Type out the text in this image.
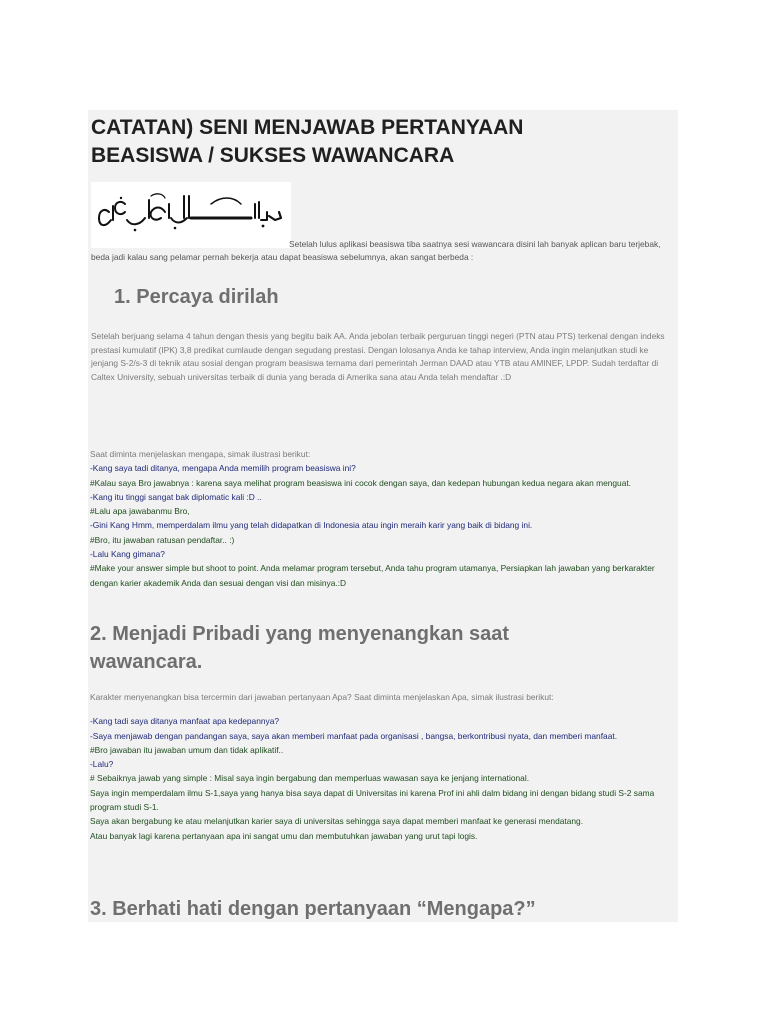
CATATAN) SENI MENJAWAB PERTANYAAN
BEASISWA / SUKSES WAWANCARA

Setelah lulus aplikasi beasiswa tiba saatnya sesi wawancara disini lah banyak aplican baru terjebak, beda jadi kalau sang pelamar pernah bekerja atau dapat beasiswa sebelumnya, akan sangat berbeda :

1. Percaya dirilah

Setelah berjuang selama 4 tahun dengan thesis yang begitu baik AA. Anda jebolan terbaik perguruan tinggi negeri (PTN atau PTS) terkenal dengan indeks prestasi kumulatif (IPK) 3,8 predikat cumlaude dengan segudang prestasi. Dengan lolosanya Anda ke tahap interview, Anda ingin melanjutkan studi ke jenjang S-2/s-3 di teknik atau sosial dengan program beasiswa ternama dari pemerintah Jerman DAAD atau YTB atau AMINEF, LPDP. Sudah terdaftar di Caltex University, sebuah universitas terbaik di dunia yang berada di Amerika sana atau Anda telah mendaftar .:D

Saat diminta menjelaskan mengapa, simak ilustrasi berikut:
-Kang saya tadi ditanya, mengapa Anda memilih program beasiswa ini?
#Kalau saya Bro jawabnya : karena saya melihat program beasiswa ini cocok dengan saya, dan kedepan hubungan kedua negara akan menguat.
-Kang itu tinggi sangat bak diplomatic kali :D ..
#Lalu apa jawabanmu Bro,
-Gini Kang Hmm, memperdalam ilmu yang telah didapatkan di Indonesia atau ingin meraih karir yang baik di bidang ini.
#Bro, itu jawaban ratusan pendaftar.. :)
-Lalu Kang gimana?
#Make your answer simple but shoot to point. Anda melamar program tersebut, Anda tahu program utamanya, Persiapkan lah jawaban yang berkarakter dengan karier akademik Anda dan sesuai dengan visi dan misinya.:D
2. Menjadi Pribadi yang menyenangkan saat wawancara.
Karakter menyenangkan bisa tercermin dari jawaban pertanyaan Apa? Saat diminta menjelaskan Apa, simak ilustrasi berikut:
-Kang tadi saya ditanya manfaat apa kedepannya?
-Saya menjawab dengan pandangan saya, saya akan memberi manfaat pada organisasi , bangsa, berkontribusi nyata, dan memberi manfaat.
#Bro jawaban itu jawaban umum dan tidak aplikatif..
-Lalu?
# Sebaiknya jawab yang simple : Misal saya ingin bergabung dan memperluas wawasan saya ke jenjang international.
Saya ingin memperdalam ilmu S-1,saya yang hanya bisa saya dapat di Universitas ini karena Prof ini ahli dalm bidang ini dengan bidang studi S-2 sama program studi S-1.
Saya akan bergabung ke atau melanjutkan karier saya di universitas sehingga saya dapat memberi manfaat ke generasi mendatang.
Atau banyak lagi karena pertanyaan apa ini sangat umu dan membutuhkan jawaban yang urut tapi logis.
3. Berhati hati dengan pertanyaan “Mengapa?”
